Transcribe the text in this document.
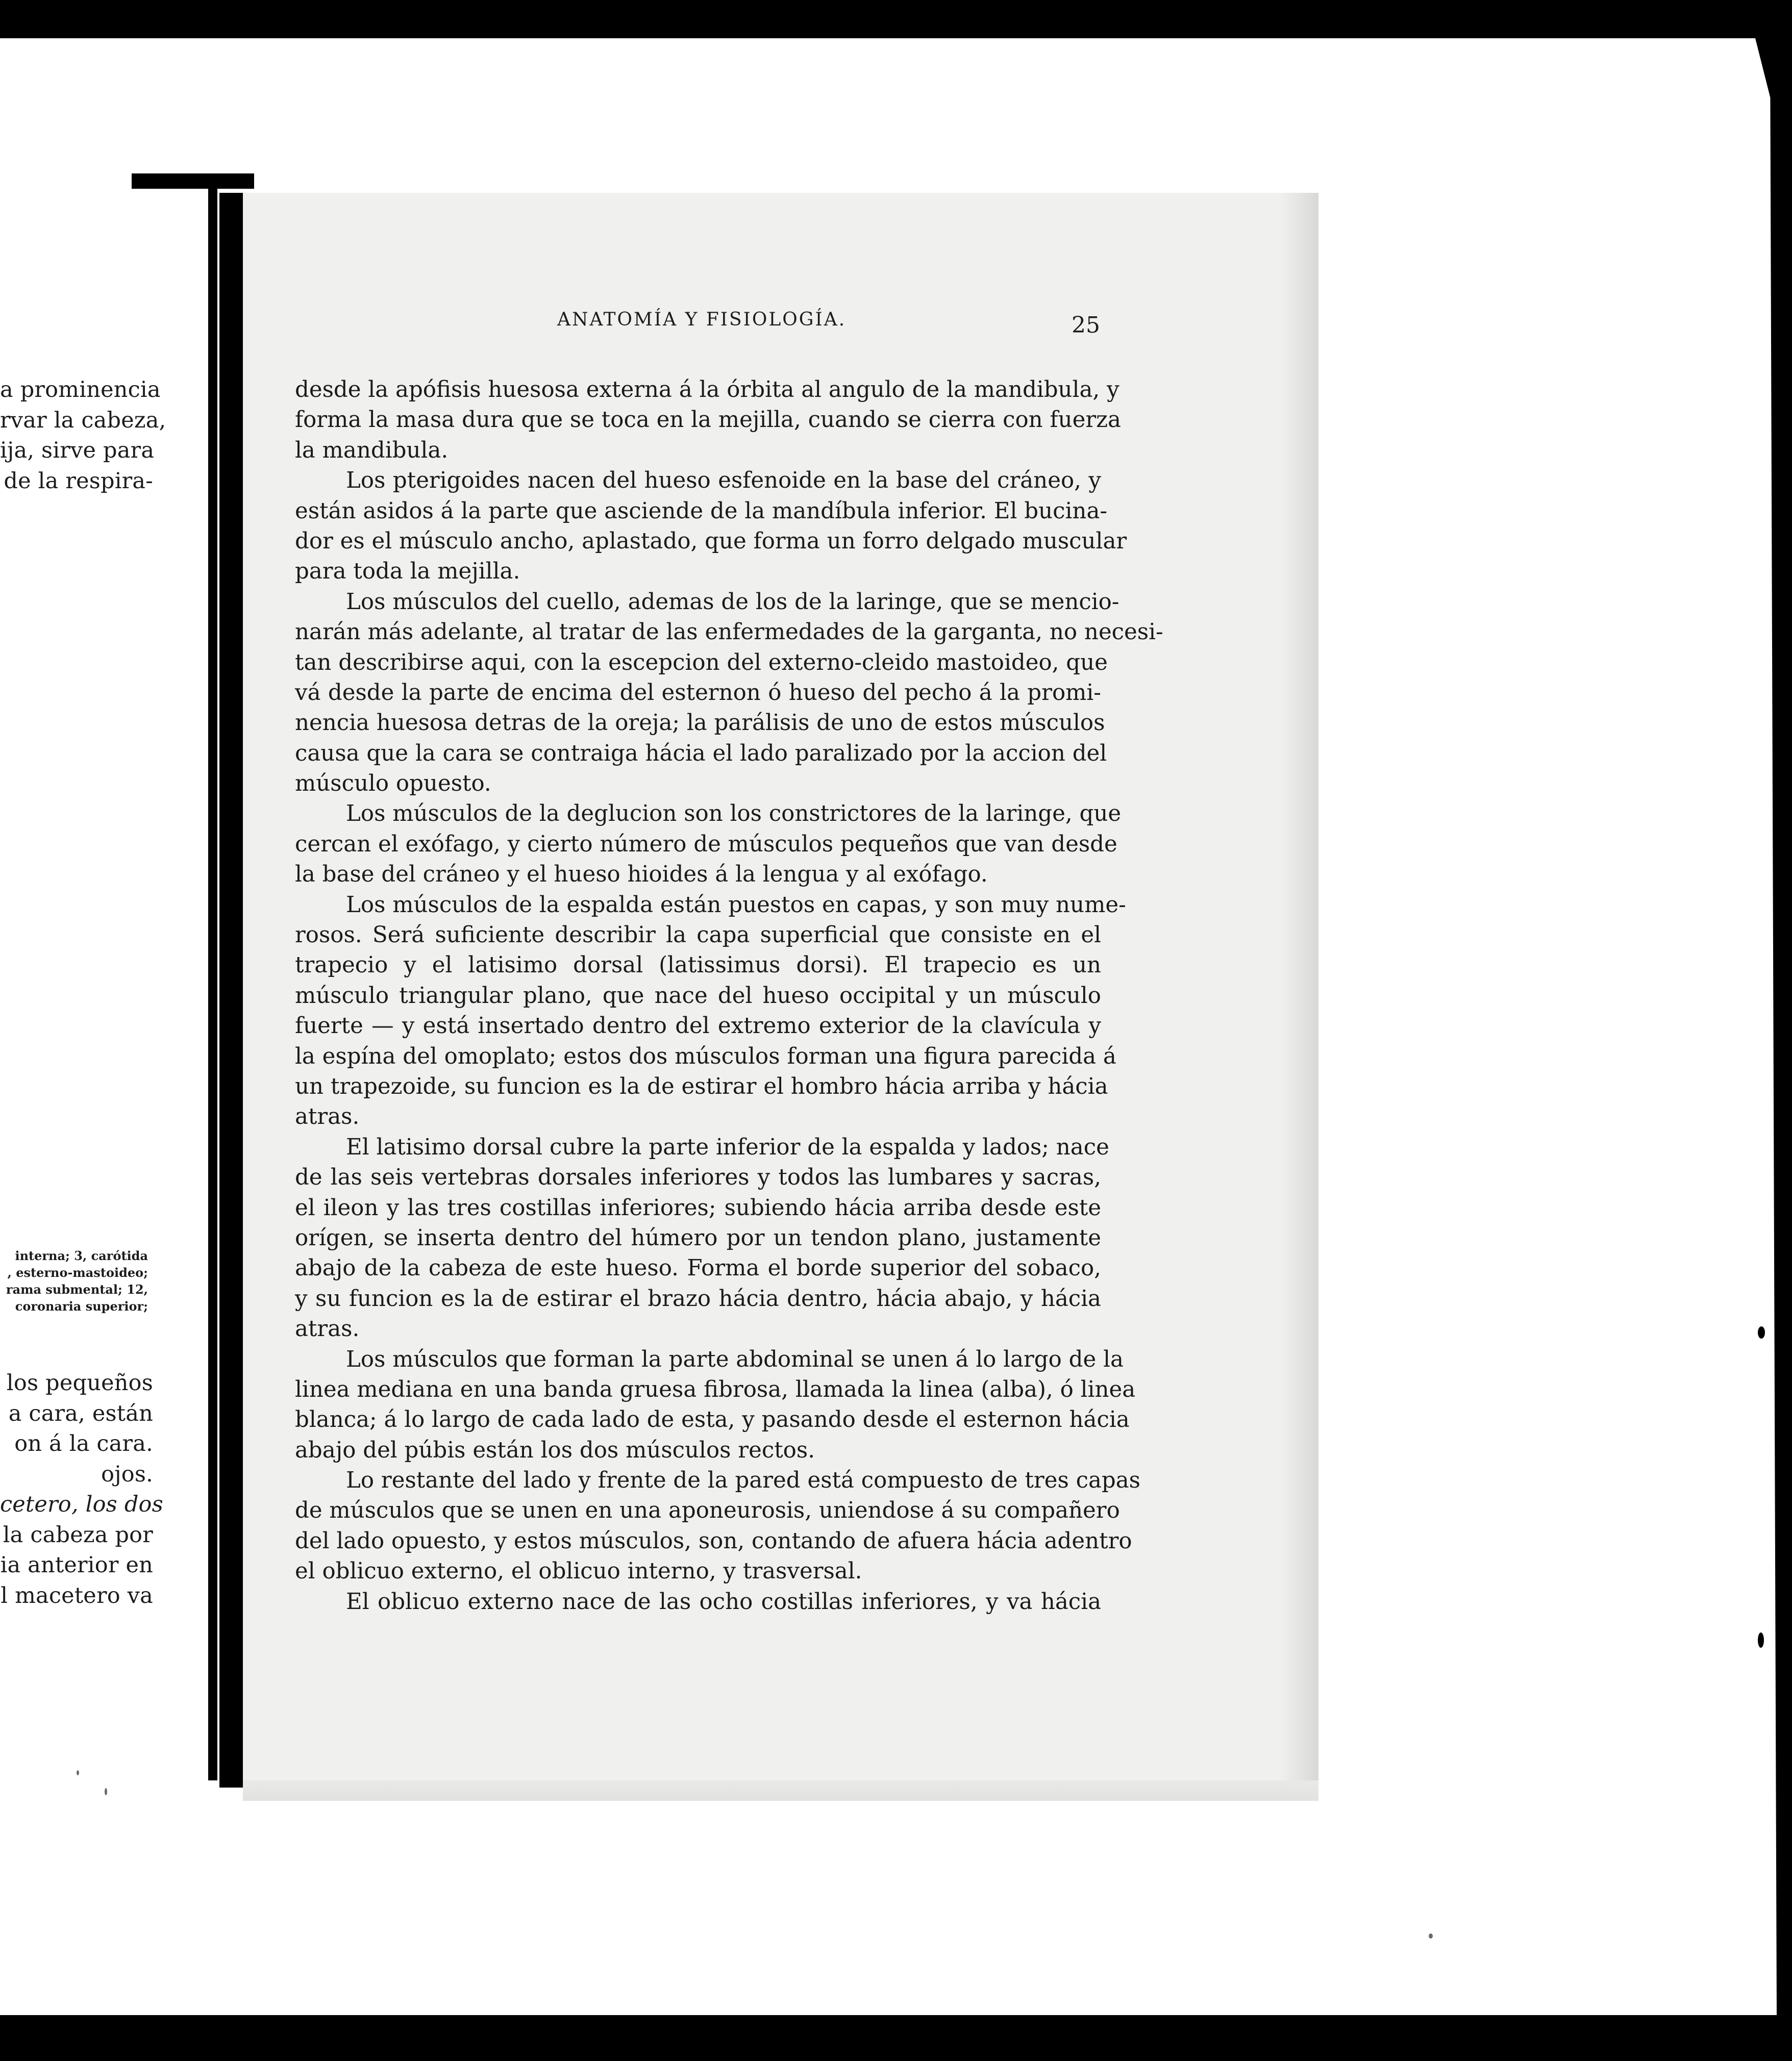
a prominencia
rvar la cabeza,
ija, sirve para
de la respira-
interna; 3, carótida
, esterno-mastoideo;
rama submental; 12,
coronaria superior;
los pequeños
a cara, están
on á la cara.
ojos.
cetero, los dos
la cabeza por
ia anterior en
l macetero va
ANATOMÍA Y FISIOLOGÍA.	25
desde la apófisis huesosa externa á la órbita al angulo de la mandibula, y
forma la masa dura que se toca en la mejilla, cuando se cierra con fuerza
la mandibula.
Los pterigoides nacen del hueso esfenoide en la base del cráneo, y
están asidos á la parte que asciende de la mandíbula inferior. El bucina-
dor es el músculo ancho, aplastado, que forma un forro delgado muscular
para toda la mejilla.
Los músculos del cuello, ademas de los de la laringe, que se mencio-
narán más adelante, al tratar de las enfermedades de la garganta, no necesi-
tan describirse aqui, con la escepcion del externo-cleido mastoideo, que
vá desde la parte de encima del esternon ó hueso del pecho á la promi-
nencia huesosa detras de la oreja; la parálisis de uno de estos músculos
causa que la cara se contraiga hácia el lado paralizado por la accion del
músculo opuesto.
Los músculos de la deglucion son los constrictores de la laringe, que
cercan el exófago, y cierto número de músculos pequeños que van desde
la base del cráneo y el hueso hioides á la lengua y al exófago.
Los músculos de la espalda están puestos en capas, y son muy nume-
rosos. Será suficiente describir la capa superficial que consiste en el
trapecio y el latisimo dorsal (latissimus dorsi). El trapecio es un
músculo triangular plano, que nace del hueso occipital y un músculo
fuerte — y está insertado dentro del extremo exterior de la clavícula y
la espína del omoplato; estos dos músculos forman una figura parecida á
un trapezoide, su funcion es la de estirar el hombro hácia arriba y hácia
atras.
El latisimo dorsal cubre la parte inferior de la espalda y lados; nace
de las seis vertebras dorsales inferiores y todos las lumbares y sacras,
el ileon y las tres costillas inferiores; subiendo hácia arriba desde este
orígen, se inserta dentro del húmero por un tendon plano, justamente
abajo de la cabeza de este hueso. Forma el borde superior del sobaco,
y su funcion es la de estirar el brazo hácia dentro, hácia abajo, y hácia
atras.
Los músculos que forman la parte abdominal se unen á lo largo de la
linea mediana en una banda gruesa fibrosa, llamada la linea (alba), ó linea
blanca; á lo largo de cada lado de esta, y pasando desde el esternon hácia
abajo del púbis están los dos músculos rectos.
Lo restante del lado y frente de la pared está compuesto de tres capas
de músculos que se unen en una aponeurosis, uniendose á su compañero
del lado opuesto, y estos músculos, son, contando de afuera hácia adentro
el oblicuo externo, el oblicuo interno, y trasversal.
El oblicuo externo nace de las ocho costillas inferiores, y va hácia
